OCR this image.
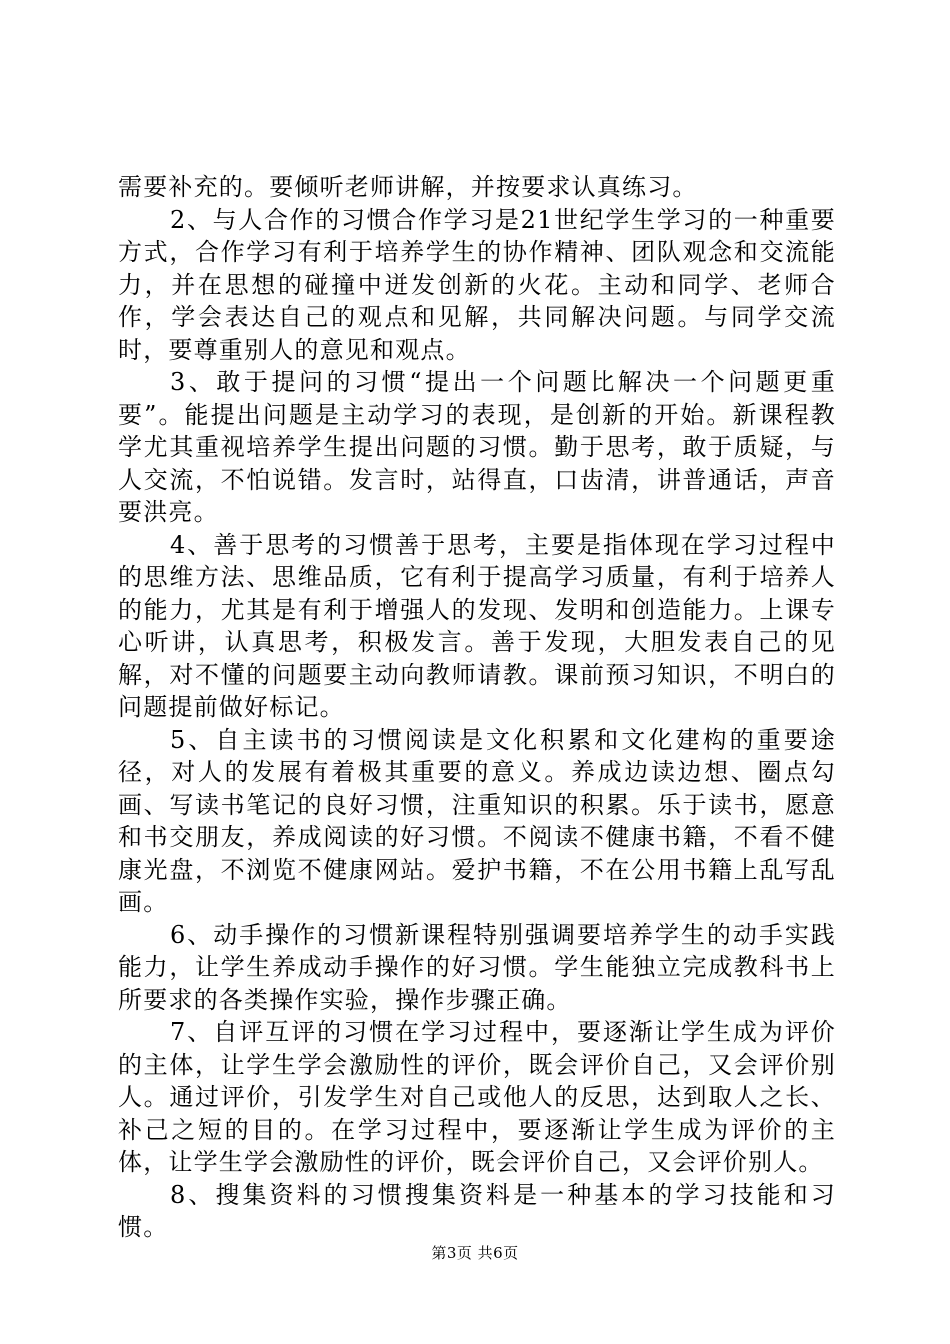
需要补充的。要倾听老师讲解，并按要求认真练习。

2、与人合作的习惯合作学习是21世纪学生学习的一种重要方式，合作学习有利于培养学生的协作精神、团队观念和交流能力，并在思想的碰撞中迸发创新的火花。主动和同学、老师合作，学会表达自己的观点和见解，共同解决问题。与同学交流时，要尊重别人的意见和观点。

3、敢于提问的习惯“提出一个问题比解决一个问题更重要”。能提出问题是主动学习的表现，是创新的开始。新课程教学尤其重视培养学生提出问题的习惯。勤于思考，敢于质疑，与人交流，不怕说错。发言时，站得直，口齿清，讲普通话，声音要洪亮。

4、善于思考的习惯善于思考，主要是指体现在学习过程中的思维方法、思维品质，它有利于提高学习质量，有利于培养人的能力，尤其是有利于增强人的发现、发明和创造能力。上课专心听讲，认真思考，积极发言。善于发现，大胆发表自己的见解，对不懂的问题要主动向教师请教。课前预习知识，不明白的问题提前做好标记。

5、自主读书的习惯阅读是文化积累和文化建构的重要途径，对人的发展有着极其重要的意义。养成边读边想、圈点勾画、写读书笔记的良好习惯，注重知识的积累。乐于读书，愿意和书交朋友，养成阅读的好习惯。不阅读不健康书籍，不看不健康光盘，不浏览不健康网站。爱护书籍，不在公用书籍上乱写乱画。

6、动手操作的习惯新课程特别强调要培养学生的动手实践能力，让学生养成动手操作的好习惯。学生能独立完成教科书上所要求的各类操作实验，操作步骤正确。

7、自评互评的习惯在学习过程中，要逐渐让学生成为评价的主体，让学生学会激励性的评价，既会评价自己，又会评价别人。通过评价，引发学生对自己或他人的反思，达到取人之长、补己之短的目的。在学习过程中，要逐渐让学生成为评价的主体，让学生学会激励性的评价，既会评价自己，又会评价别人。

8、搜集资料的习惯搜集资料是一种基本的学习技能和习惯。

第3页 共6页
